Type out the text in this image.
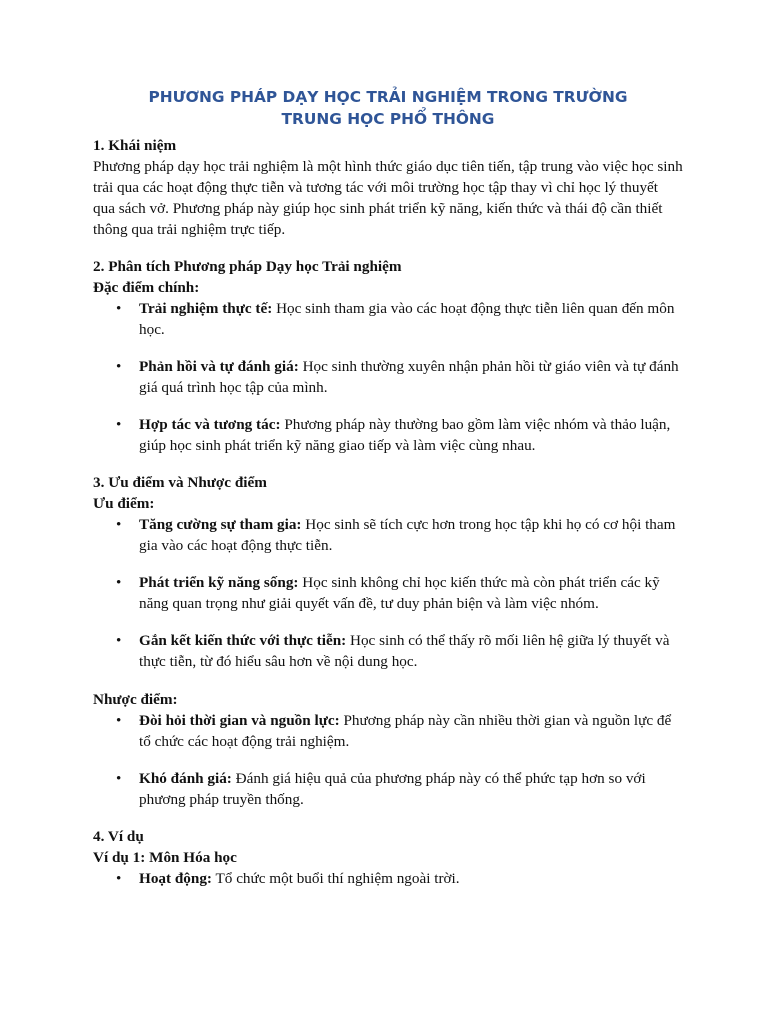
PHƯƠNG PHÁP DẠY HỌC TRẢI NGHIỆM TRONG TRƯỜNG
TRUNG HỌC PHỔ THÔNG
1. Khái niệm

Phương pháp dạy học trải nghiệm là một hình thức giáo dục tiên tiến, tập trung vào việc học sinh trải qua các hoạt động thực tiễn và tương tác với môi trường học tập thay vì chỉ học lý thuyết qua sách vở. Phương pháp này giúp học sinh phát triển kỹ năng, kiến thức và thái độ cần thiết thông qua trải nghiệm trực tiếp.

2. Phân tích Phương pháp Dạy học Trải nghiệm
Đặc điểm chính:
• Trải nghiệm thực tế: Học sinh tham gia vào các hoạt động thực tiễn liên quan đến môn học.
• Phản hồi và tự đánh giá: Học sinh thường xuyên nhận phản hồi từ giáo viên và tự đánh giá quá trình học tập của mình.
• Hợp tác và tương tác: Phương pháp này thường bao gồm làm việc nhóm và thảo luận, giúp học sinh phát triển kỹ năng giao tiếp và làm việc cùng nhau.
3. Ưu điểm và Nhược điểm
Ưu điểm:
• Tăng cường sự tham gia: Học sinh sẽ tích cực hơn trong học tập khi họ có cơ hội tham gia vào các hoạt động thực tiễn.
• Phát triển kỹ năng sống: Học sinh không chỉ học kiến thức mà còn phát triển các kỹ năng quan trọng như giải quyết vấn đề, tư duy phản biện và làm việc nhóm.
• Gắn kết kiến thức với thực tiễn: Học sinh có thể thấy rõ mối liên hệ giữa lý thuyết và thực tiễn, từ đó hiểu sâu hơn về nội dung học.
Nhược điểm:
• Đòi hỏi thời gian và nguồn lực: Phương pháp này cần nhiều thời gian và nguồn lực để tổ chức các hoạt động trải nghiệm.
• Khó đánh giá: Đánh giá hiệu quả của phương pháp này có thể phức tạp hơn so với phương pháp truyền thống.
4. Ví dụ
Ví dụ 1: Môn Hóa học
• Hoạt động: Tổ chức một buổi thí nghiệm ngoài trời.
